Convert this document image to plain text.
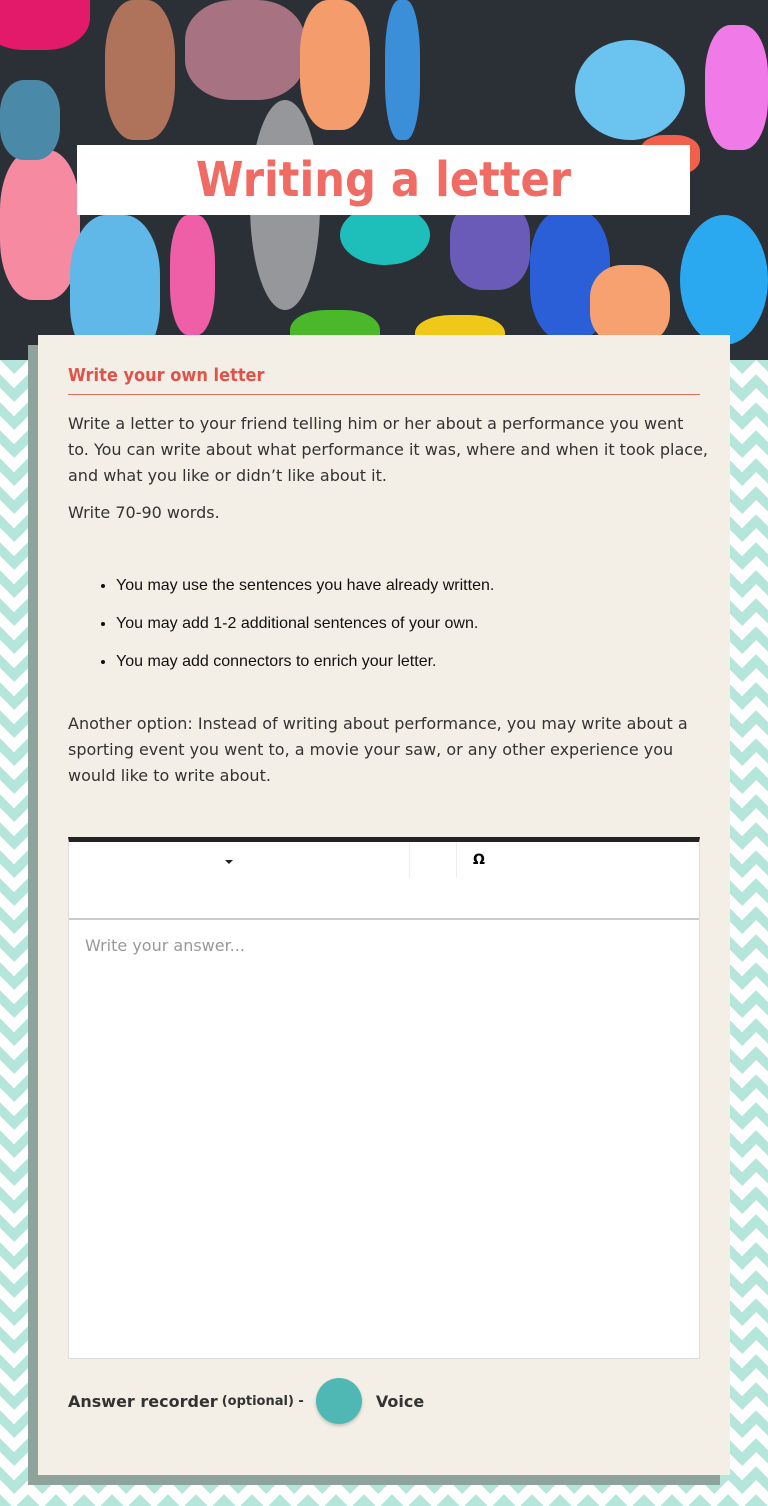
Writing a letter
Write your own letter
Write a letter to your friend telling him or her about a performance you went to. You can write about what performance it was, where and when it took place, and what you like or didn’t like about it.
Write 70-90 words.
• You may use the sentences you have already written.
• You may add 1-2 additional sentences of your own.
• You may add connectors to enrich your letter.
Another option: Instead of writing about performance, you may write about a sporting event you went to, a movie your saw, or any other experience you would like to write about.
Ω
Write your answer...
Answer recorder (optional) -	Voice
